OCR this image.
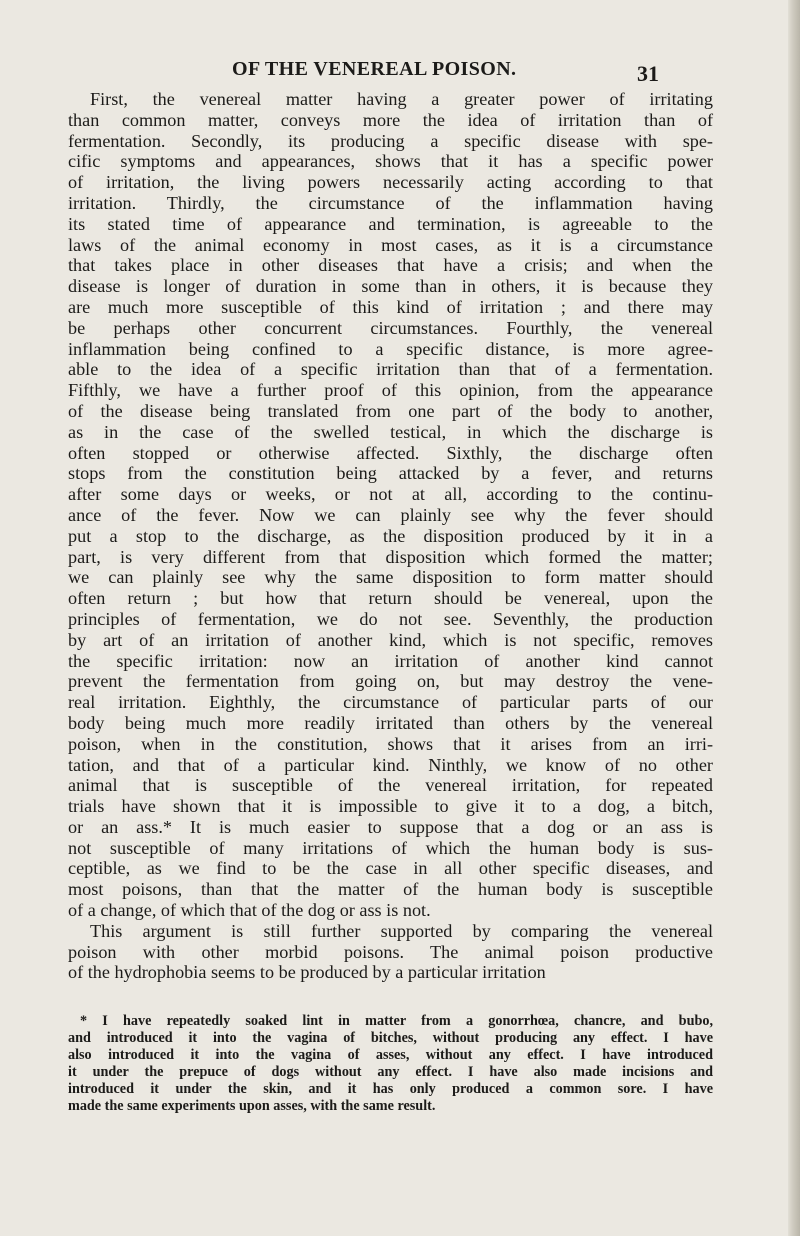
OF THE VENEREAL POISON.	31
First, the venereal matter having a greater power of irritating
than common matter, conveys more the idea of irritation than of
fermentation. Secondly, its producing a specific disease with spe-
cific symptoms and appearances, shows that it has a specific power
of irritation, the living powers necessarily acting according to that
irritation. Thirdly, the circumstance of the inflammation having
its stated time of appearance and termination, is agreeable to the
laws of the animal economy in most cases, as it is a circumstance
that takes place in other diseases that have a crisis; and when the
disease is longer of duration in some than in others, it is because they
are much more susceptible of this kind of irritation ; and there may
be perhaps other concurrent circumstances. Fourthly, the venereal
inflammation being confined to a specific distance, is more agree-
able to the idea of a specific irritation than that of a fermentation.
Fifthly, we have a further proof of this opinion, from the appearance
of the disease being translated from one part of the body to another,
as in the case of the swelled testical, in which the discharge is
often stopped or otherwise affected. Sixthly, the discharge often
stops from the constitution being attacked by a fever, and returns
after some days or weeks, or not at all, according to the continu-
ance of the fever. Now we can plainly see why the fever should
put a stop to the discharge, as the disposition produced by it in a
part, is very different from that disposition which formed the matter;
we can plainly see why the same disposition to form matter should
often return ; but how that return should be venereal, upon the
principles of fermentation, we do not see. Seventhly, the production
by art of an irritation of another kind, which is not specific, removes
the specific irritation: now an irritation of another kind cannot
prevent the fermentation from going on, but may destroy the vene-
real irritation. Eighthly, the circumstance of particular parts of our
body being much more readily irritated than others by the venereal
poison, when in the constitution, shows that it arises from an irri-
tation, and that of a particular kind. Ninthly, we know of no other
animal that is susceptible of the venereal irritation, for repeated
trials have shown that it is impossible to give it to a dog, a bitch,
or an ass.* It is much easier to suppose that a dog or an ass is
not susceptible of many irritations of which the human body is sus-
ceptible, as we find to be the case in all other specific diseases, and
most poisons, than that the matter of the human body is susceptible
of a change, of which that of the dog or ass is not.
This argument is still further supported by comparing the venereal
poison with other morbid poisons. The animal poison productive
of the hydrophobia seems to be produced by a particular irritation
* I have repeatedly soaked lint in matter from a gonorrhœa, chancre, and bubo,
and introduced it into the vagina of bitches, without producing any effect. I have
also introduced it into the vagina of asses, without any effect. I have introduced
it under the prepuce of dogs without any effect. I have also made incisions and
introduced it under the skin, and it has only produced a common sore. I have
made the same experiments upon asses, with the same result.
